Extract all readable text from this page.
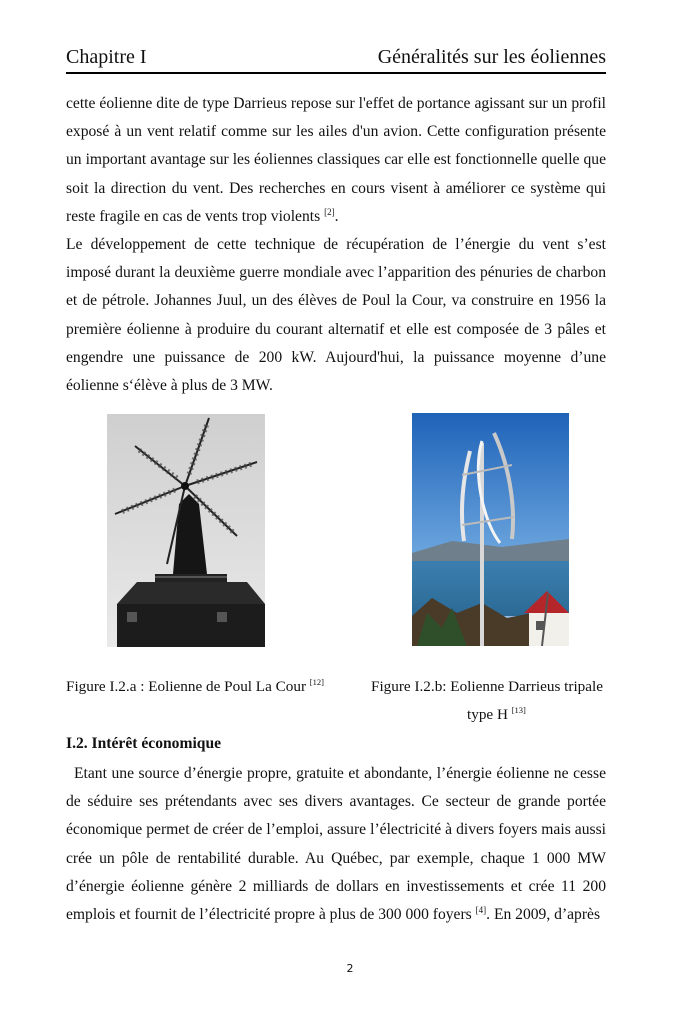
Chapitre I	Généralités sur les éoliennes

cette éolienne dite de type Darrieus repose sur l'effet de portance agissant sur un profil exposé à un vent relatif comme sur les ailes d'un avion. Cette configuration présente un important avantage sur les éoliennes classiques car elle est fonctionnelle quelle que soit la direction du vent. Des recherches en cours visent à améliorer ce système qui reste fragile en cas de vents trop violents [2].

Le développement de cette technique de récupération de l’énergie du vent s’est imposé durant la deuxième guerre mondiale avec l’apparition des pénuries de charbon et de pétrole. Johannes Juul, un des élèves de Poul la Cour, va construire en 1956 la première éolienne à produire du courant alternatif et elle est composée de 3 pâles et engendre une puissance de 200 kW. Aujourd'hui, la puissance moyenne d’une éolienne s‘élève à plus de 3 MW.

Figure I.2.a : Eolienne de Poul La Cour [12]	Figure I.2.b: Eolienne Darrieus tripale
type H [13]
I.2. Intérêt économique

Etant une source d’énergie propre, gratuite et abondante, l’énergie éolienne ne cesse de séduire ses prétendants avec ses divers avantages. Ce secteur de grande portée économique permet de créer de l’emploi, assure l’électricité à divers foyers mais aussi crée un pôle de rentabilité durable. Au Québec, par exemple, chaque 1 000 MW d’énergie éolienne génère 2 milliards de dollars en investissements et crée 11 200 emplois et fournit de l’électricité propre à plus de 300 000 foyers [4]. En 2009, d’après

2
